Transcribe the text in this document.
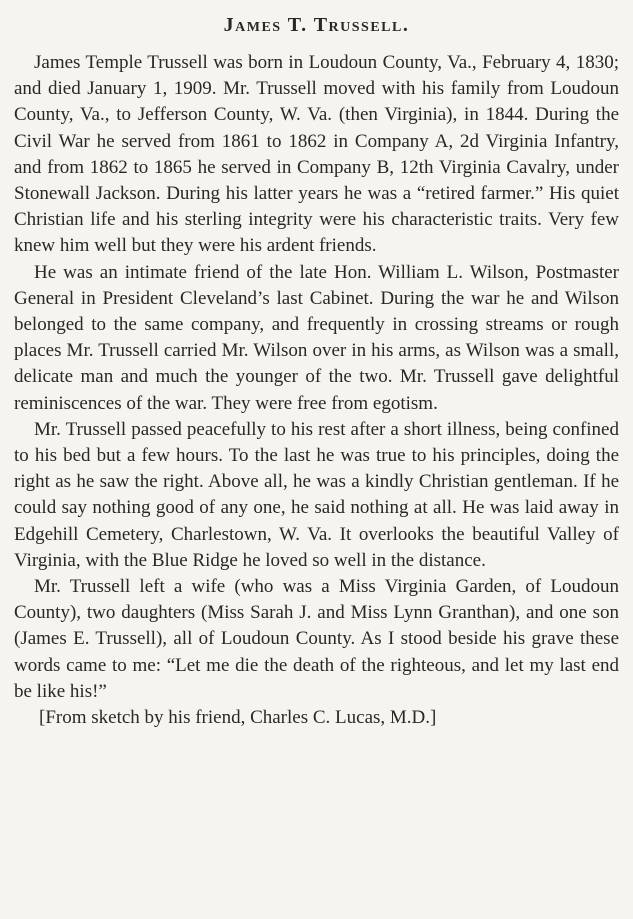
James T. Trussell.

James Temple Trussell was born in Loudoun County, Va., February 4, 1830; and died January 1, 1909. Mr. Trussell moved with his family from Loudoun County, Va., to Jefferson County, W. Va. (then Virginia), in 1844. During the Civil War he served from 1861 to 1862 in Company A, 2d Virginia Infantry, and from 1862 to 1865 he served in Company B, 12th Virginia Cavalry, under Stonewall Jackson. During his latter years he was a “retired farmer.” His quiet Christian life and his sterling integrity were his characteristic traits. Very few knew him well but they were his ardent friends.

He was an intimate friend of the late Hon. William L. Wilson, Postmaster General in President Cleveland’s last Cabinet. During the war he and Wilson belonged to the same company, and frequently in crossing streams or rough places Mr. Trussell carried Mr. Wilson over in his arms, as Wilson was a small, delicate man and much the younger of the two. Mr. Trussell gave delightful reminiscences of the war. They were free from egotism.

Mr. Trussell passed peacefully to his rest after a short illness, being confined to his bed but a few hours. To the last he was true to his principles, doing the right as he saw the right. Above all, he was a kindly Christian gentleman. If he could say nothing good of any one, he said nothing at all. He was laid away in Edgehill Cemetery, Charlestown, W. Va. It overlooks the beautiful Valley of Virginia, with the Blue Ridge he loved so well in the distance.

Mr. Trussell left a wife (who was a Miss Virginia Garden, of Loudoun County), two daughters (Miss Sarah J. and Miss Lynn Granthan), and one son (James E. Trussell), all of Loudoun County. As I stood beside his grave these words came to me: “Let me die the death of the righteous, and let my last end be like his!”

[From sketch by his friend, Charles C. Lucas, M.D.]
